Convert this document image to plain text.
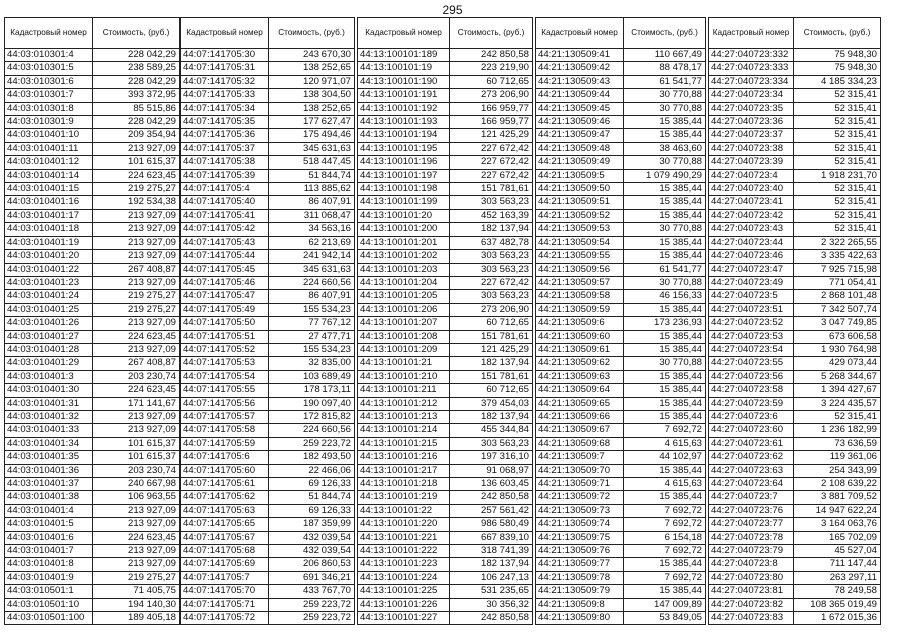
295
Кадастровый номер	Стоимость, (руб.)
44:03:010301:4	228 042,29
44:03:010301:5	238 589,25
44:03:010301:6	228 042,29
44:03:010301:7	393 372,95
44:03:010301:8	85 515,86
44:03:010301:9	228 042,29
44:03:010401:10	209 354,94
44:03:010401:11	213 927,09
44:03:010401:12	101 615,37
44:03:010401:14	224 623,45
44:03:010401:15	219 275,27
44:03:010401:16	192 534,38
44:03:010401:17	213 927,09
44:03:010401:18	213 927,09
44:03:010401:19	213 927,09
44:03:010401:20	213 927,09
44:03:010401:22	267 408,87
44:03:010401:23	213 927,09
44:03:010401:24	219 275,27
44:03:010401:25	219 275,27
44:03:010401:26	213 927,09
44:03:010401:27	224 623,45
44:03:010401:28	213 927,09
44:03:010401:29	267 408,87
44:03:010401:3	203 230,74
44:03:010401:30	224 623,45
44:03:010401:31	171 141,67
44:03:010401:32	213 927,09
44:03:010401:33	213 927,09
44:03:010401:34	101 615,37
44:03:010401:35	101 615,37
44:03:010401:36	203 230,74
44:03:010401:37	240 667,98
44:03:010401:38	106 963,55
44:03:010401:4	213 927,09
44:03:010401:5	213 927,09
44:03:010401:6	224 623,45
44:03:010401:7	213 927,09
44:03:010401:8	213 927,09
44:03:010401:9	219 275,27
44:03:010501:1	71 405,75
44:03:010501:10	194 140,30
44:03:010501:100	189 405,18
Кадастровый номер	Стоимость, (руб.)
44:07:141705:30	243 670,30
44:07:141705:31	138 252,65
44:07:141705:32	120 971,07
44:07:141705:33	138 304,50
44:07:141705:34	138 252,65
44:07:141705:35	177 627,47
44:07:141705:36	175 494,46
44:07:141705:37	345 631,63
44:07:141705:38	518 447,45
44:07:141705:39	51 844,74
44:07:141705:4	113 885,62
44:07:141705:40	86 407,91
44:07:141705:41	311 068,47
44:07:141705:42	34 563,16
44:07:141705:43	62 213,69
44:07:141705:44	241 942,14
44:07:141705:45	345 631,63
44:07:141705:46	224 660,56
44:07:141705:47	86 407,91
44:07:141705:49	155 534,23
44:07:141705:50	77 767,12
44:07:141705:51	27 477,71
44:07:141705:52	155 534,23
44:07:141705:53	32 835,00
44:07:141705:54	103 689,49
44:07:141705:55	178 173,11
44:07:141705:56	190 097,40
44:07:141705:57	172 815,82
44:07:141705:58	224 660,56
44:07:141705:59	259 223,72
44:07:141705:6	182 493,50
44:07:141705:60	22 466,06
44:07:141705:61	69 126,33
44:07:141705:62	51 844,74
44:07:141705:63	69 126,33
44:07:141705:65	187 359,99
44:07:141705:67	432 039,54
44:07:141705:68	432 039,54
44:07:141705:69	206 860,53
44:07:141705:7	691 346,21
44:07:141705:70	433 767,70
44:07:141705:71	259 223,72
44:07:141705:72	259 223,72
Кадастровый номер	Стоимость, (руб.)
44:13:100101:189	242 850,58
44:13:100101:19	223 219,90
44:13:100101:190	60 712,65
44:13:100101:191	273 206,90
44:13:100101:192	166 959,77
44:13:100101:193	166 959,77
44:13:100101:194	121 425,29
44:13:100101:195	227 672,42
44:13:100101:196	227 672,42
44:13:100101:197	227 672,42
44:13:100101:198	151 781,61
44:13:100101:199	303 563,23
44:13:100101:20	452 163,39
44:13:100101:200	182 137,94
44:13:100101:201	637 482,78
44:13:100101:202	303 563,23
44:13:100101:203	303 563,23
44:13:100101:204	227 672,42
44:13:100101:205	303 563,23
44:13:100101:206	273 206,90
44:13:100101:207	60 712,65
44:13:100101:208	151 781,61
44:13:100101:209	121 425,29
44:13:100101:21	182 137,94
44:13:100101:210	151 781,61
44:13:100101:211	60 712,65
44:13:100101:212	379 454,03
44:13:100101:213	182 137,94
44:13:100101:214	455 344,84
44:13:100101:215	303 563,23
44:13:100101:216	197 316,10
44:13:100101:217	91 068,97
44:13:100101:218	136 603,45
44:13:100101:219	242 850,58
44:13:100101:22	257 561,42
44:13:100101:220	986 580,49
44:13:100101:221	667 839,10
44:13:100101:222	318 741,39
44:13:100101:223	182 137,94
44:13:100101:224	106 247,13
44:13:100101:225	531 235,65
44:13:100101:226	30 356,32
44:13:100101:227	242 850,58
Кадастровый номер	Стоимость, (руб.)
44:21:130509:41	110 667,49
44:21:130509:42	88 478,17
44:21:130509:43	61 541,77
44:21:130509:44	30 770,88
44:21:130509:45	30 770,88
44:21:130509:46	15 385,44
44:21:130509:47	15 385,44
44:21:130509:48	38 463,60
44:21:130509:49	30 770,88
44:21:130509:5	1 079 490,29
44:21:130509:50	15 385,44
44:21:130509:51	15 385,44
44:21:130509:52	15 385,44
44:21:130509:53	30 770,88
44:21:130509:54	15 385,44
44:21:130509:55	15 385,44
44:21:130509:56	61 541,77
44:21:130509:57	30 770,88
44:21:130509:58	46 156,33
44:21:130509:59	15 385,44
44:21:130509:6	173 236,93
44:21:130509:60	15 385,44
44:21:130509:61	15 385,44
44:21:130509:62	30 770,88
44:21:130509:63	15 385,44
44:21:130509:64	15 385,44
44:21:130509:65	15 385,44
44:21:130509:66	15 385,44
44:21:130509:67	7 692,72
44:21:130509:68	4 615,63
44:21:130509:7	44 102,97
44:21:130509:70	15 385,44
44:21:130509:71	4 615,63
44:21:130509:72	15 385,44
44:21:130509:73	7 692,72
44:21:130509:74	7 692,72
44:21:130509:75	6 154,18
44:21:130509:76	7 692,72
44:21:130509:77	15 385,44
44:21:130509:78	7 692,72
44:21:130509:79	15 385,44
44:21:130509:8	147 009,89
44:21:130509:80	53 849,05
Кадастровый номер	Стоимость, (руб.)
44:27:040723:332	75 948,30
44:27:040723:333	75 948,30
44:27:040723:334	4 185 334,23
44:27:040723:34	52 315,41
44:27:040723:35	52 315,41
44:27:040723:36	52 315,41
44:27:040723:37	52 315,41
44:27:040723:38	52 315,41
44:27:040723:39	52 315,41
44:27:040723:4	1 918 231,70
44:27:040723:40	52 315,41
44:27:040723:41	52 315,41
44:27:040723:42	52 315,41
44:27:040723:43	52 315,41
44:27:040723:44	2 322 265,55
44:27:040723:46	3 335 422,63
44:27:040723:47	7 925 715,98
44:27:040723:49	771 054,41
44:27:040723:5	2 868 101,48
44:27:040723:51	7 342 507,74
44:27:040723:52	3 047 749,85
44:27:040723:53	673 606,58
44:27:040723:54	1 930 764,98
44:27:040723:55	429 073,44
44:27:040723:56	5 268 344,67
44:27:040723:58	1 394 427,67
44:27:040723:59	3 224 435,57
44:27:040723:6	52 315,41
44:27:040723:60	1 236 182,99
44:27:040723:61	73 636,59
44:27:040723:62	119 361,06
44:27:040723:63	254 343,99
44:27:040723:64	2 108 639,22
44:27:040723:7	3 881 709,52
44:27:040723:76	14 947 622,24
44:27:040723:77	3 164 063,76
44:27:040723:78	165 702,09
44:27:040723:79	45 527,04
44:27:040723:8	711 147,44
44:27:040723:80	263 297,11
44:27:040723:81	78 249,58
44:27:040723:82	108 365 019,49
44:27:040723:83	1 672 015,36
